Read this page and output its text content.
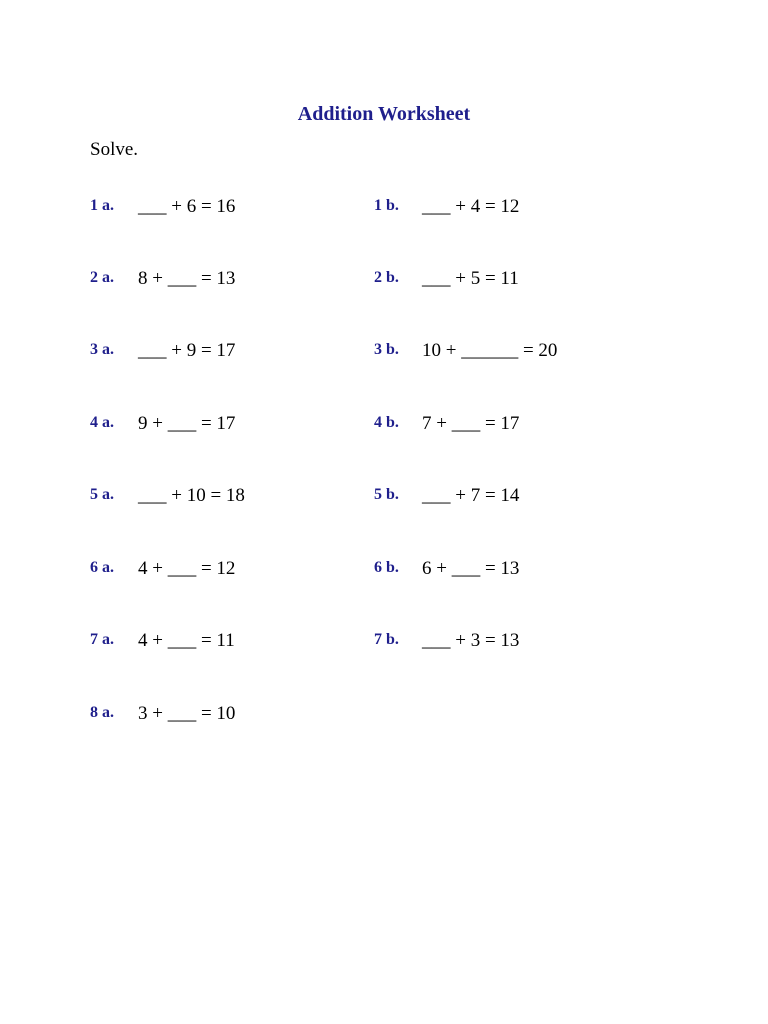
Addition Worksheet
Solve.
1 a. ___ + 6 = 16
2 a. 8 + ___ = 13
3 a. ___ + 9 = 17
4 a. 9 + ___ = 17
5 a. ___ + 10 = 18
6 a. 4 + ___ = 12
7 a. 4 + ___ = 11
8 a. 3 + ___ = 10
1 b. ___ + 4 = 12
2 b. ___ + 5 = 11
3 b. 10 + ______ = 20
4 b. 7 + ___ = 17
5 b. ___ + 7 = 14
6 b. 6 + ___ = 13
7 b. ___ + 3 = 13
